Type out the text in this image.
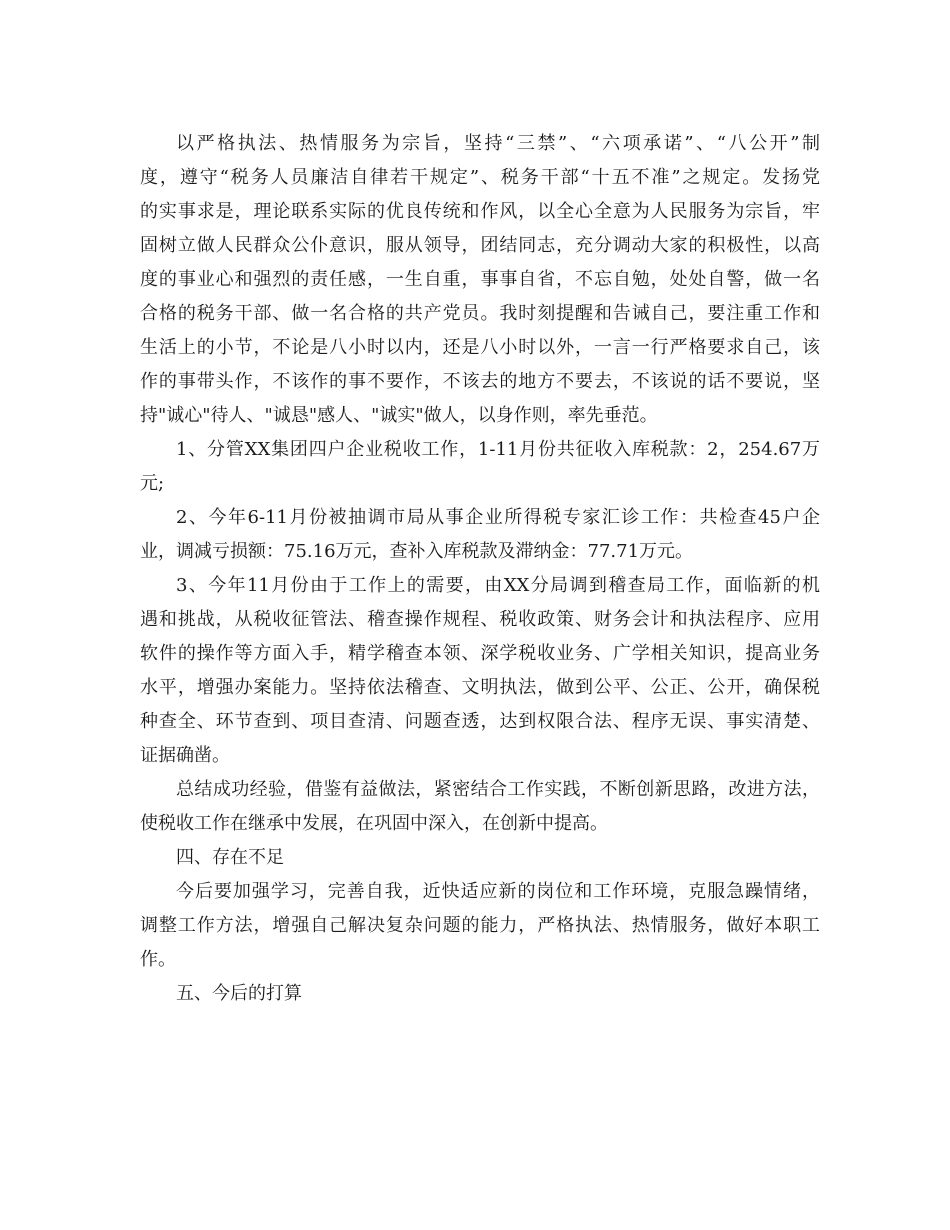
以严格执法、热情服务为宗旨，坚持“三禁”、“六项承诺”、“八公开”制
度，遵守“税务人员廉洁自律若干规定”、税务干部“十五不准”之规定。发扬党
的实事求是，理论联系实际的优良传统和作风，以全心全意为人民服务为宗旨，牢
固树立做人民群众公仆意识，服从领导，团结同志，充分调动大家的积极性，以高
度的事业心和强烈的责任感，一生自重，事事自省，不忘自勉，处处自警，做一名
合格的税务干部、做一名合格的共产党员。我时刻提醒和告诫自己，要注重工作和
生活上的小节，不论是八小时以内，还是八小时以外，一言一行严格要求自己，该
作的事带头作，不该作的事不要作，不该去的地方不要去，不该说的话不要说，坚
持"诚心"待人、"诚恳"感人、"诚实"做人，以身作则，率先垂范。
1、分管XX集团四户企业税收工作，1-11月份共征收入库税款：2，254.67万
元;
2、今年6-11月份被抽调市局从事企业所得税专家汇诊工作：共检查45户企
业，调减亏损额：75.16万元，查补入库税款及滞纳金：77.71万元。
3、今年11月份由于工作上的需要，由XX分局调到稽查局工作，面临新的机
遇和挑战，从税收征管法、稽查操作规程、税收政策、财务会计和执法程序、应用
软件的操作等方面入手，精学稽查本领、深学税收业务、广学相关知识，提高业务
水平，增强办案能力。坚持依法稽查、文明执法，做到公平、公正、公开，确保税
种查全、环节查到、项目查清、问题查透，达到权限合法、程序无误、事实清楚、
证据确凿。
总结成功经验，借鉴有益做法，紧密结合工作实践，不断创新思路，改进方法，
使税收工作在继承中发展，在巩固中深入，在创新中提高。
四、存在不足
今后要加强学习，完善自我，近快适应新的岗位和工作环境，克服急躁情绪，
调整工作方法，增强自己解决复杂问题的能力，严格执法、热情服务，做好本职工
作。
五、今后的打算
